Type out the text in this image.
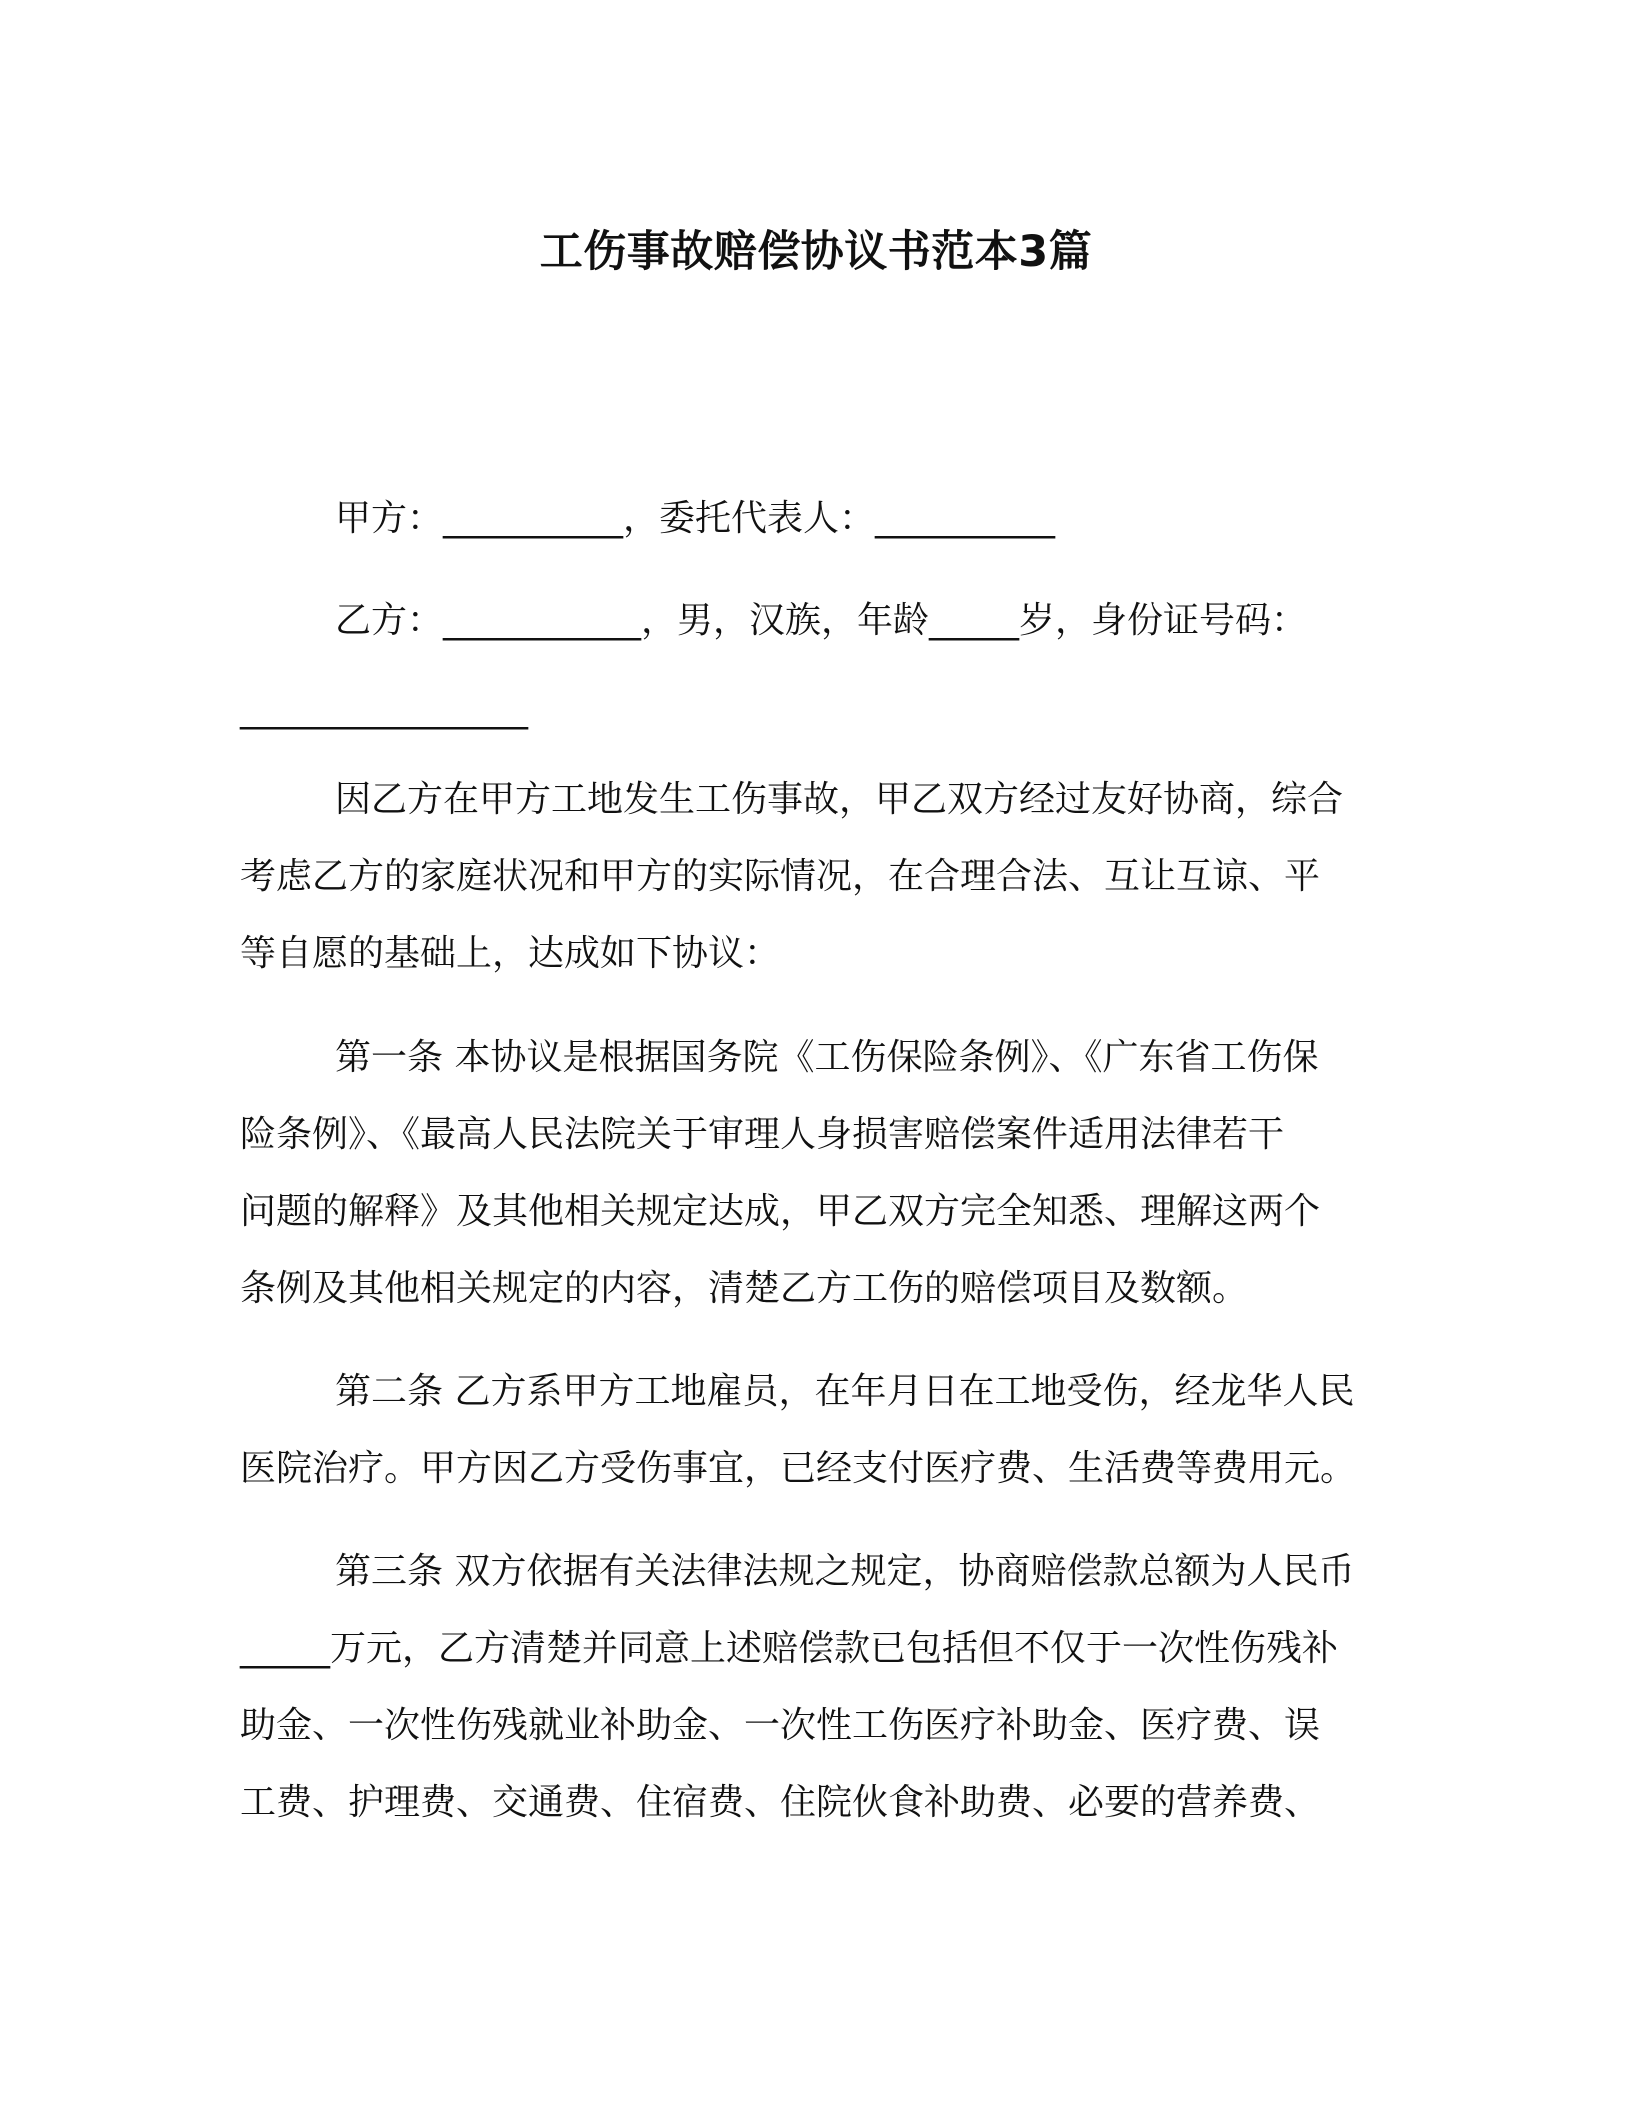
工伤事故赔偿协议书范本3篇
甲方：__________，委托代表人：__________
乙方：___________，男，汉族，年龄_____岁，身份证号码：
________________
因乙方在甲方工地发生工伤事故，甲乙双方经过友好协商，综合
考虑乙方的家庭状况和甲方的实际情况，在合理合法、互让互谅、平
等自愿的基础上，达成如下协议：
第一条 本协议是根据国务院《工伤保险条例》、《广东省工伤保
险条例》、《最高人民法院关于审理人身损害赔偿案件适用法律若干
问题的解释》及其他相关规定达成，甲乙双方完全知悉、理解这两个
条例及其他相关规定的内容，清楚乙方工伤的赔偿项目及数额。
第二条 乙方系甲方工地雇员，在年月日在工地受伤，经龙华人民
医院治疗。甲方因乙方受伤事宜，已经支付医疗费、生活费等费用元。
第三条 双方依据有关法律法规之规定，协商赔偿款总额为人民币
_____万元，乙方清楚并同意上述赔偿款已包括但不仅于一次性伤残补
助金、一次性伤残就业补助金、一次性工伤医疗补助金、医疗费、误
工费、护理费、交通费、住宿费、住院伙食补助费、必要的营养费、
